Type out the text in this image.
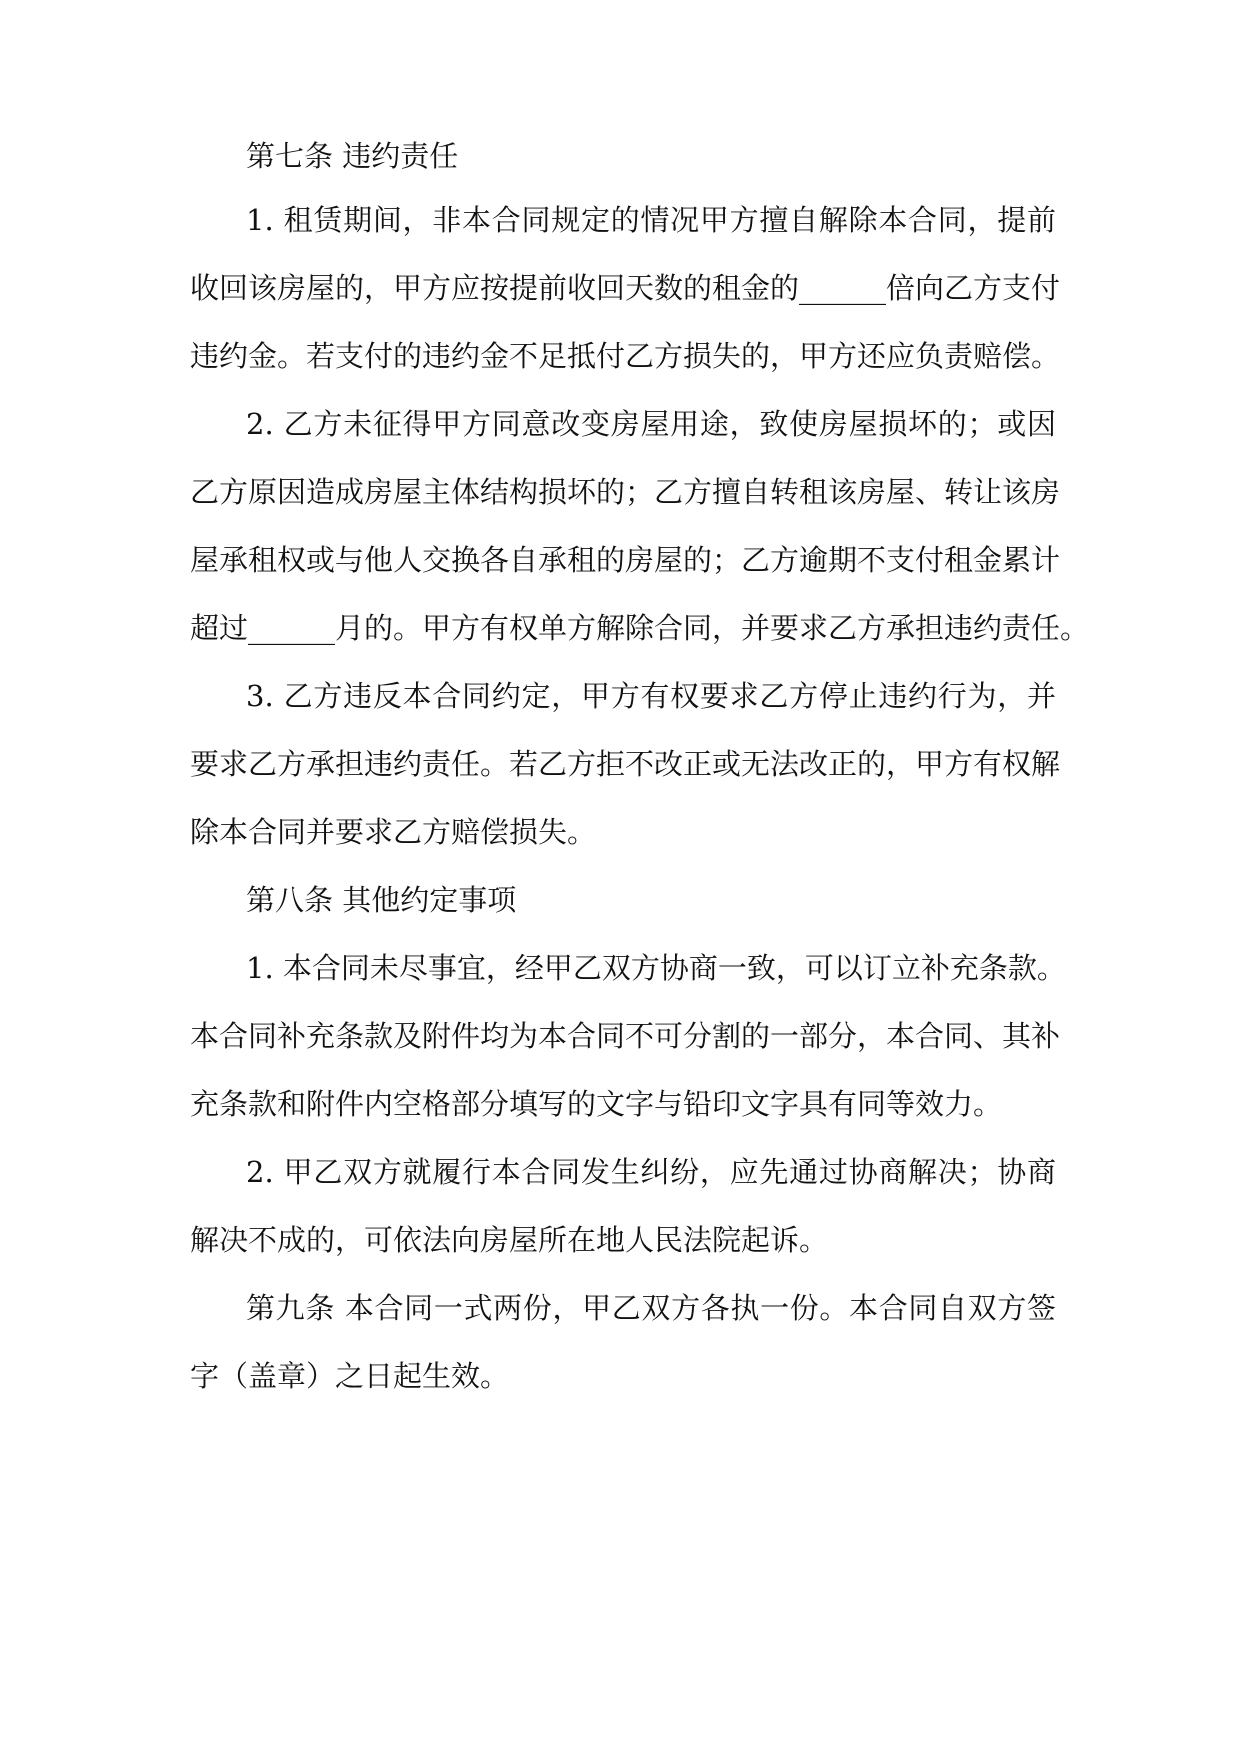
第七条 违约责任
1. 租赁期间，非本合同规定的情况甲方擅自解除本合同，提前
收回该房屋的，甲方应按提前收回天数的租金的______倍向乙方支付
违约金。若支付的违约金不足抵付乙方损失的，甲方还应负责赔偿。
2. 乙方未征得甲方同意改变房屋用途，致使房屋损坏的；或因
乙方原因造成房屋主体结构损坏的；乙方擅自转租该房屋、转让该房
屋承租权或与他人交换各自承租的房屋的；乙方逾期不支付租金累计
超过______月的。甲方有权单方解除合同，并要求乙方承担违约责任。
3. 乙方违反本合同约定，甲方有权要求乙方停止违约行为，并
要求乙方承担违约责任。若乙方拒不改正或无法改正的，甲方有权解
除本合同并要求乙方赔偿损失。
第八条 其他约定事项
1. 本合同未尽事宜，经甲乙双方协商一致，可以订立补充条款。
本合同补充条款及附件均为本合同不可分割的一部分，本合同、其补
充条款和附件内空格部分填写的文字与铅印文字具有同等效力。
2. 甲乙双方就履行本合同发生纠纷，应先通过协商解决；协商
解决不成的，可依法向房屋所在地人民法院起诉。
第九条 本合同一式两份，甲乙双方各执一份。本合同自双方签
字（盖章）之日起生效。
